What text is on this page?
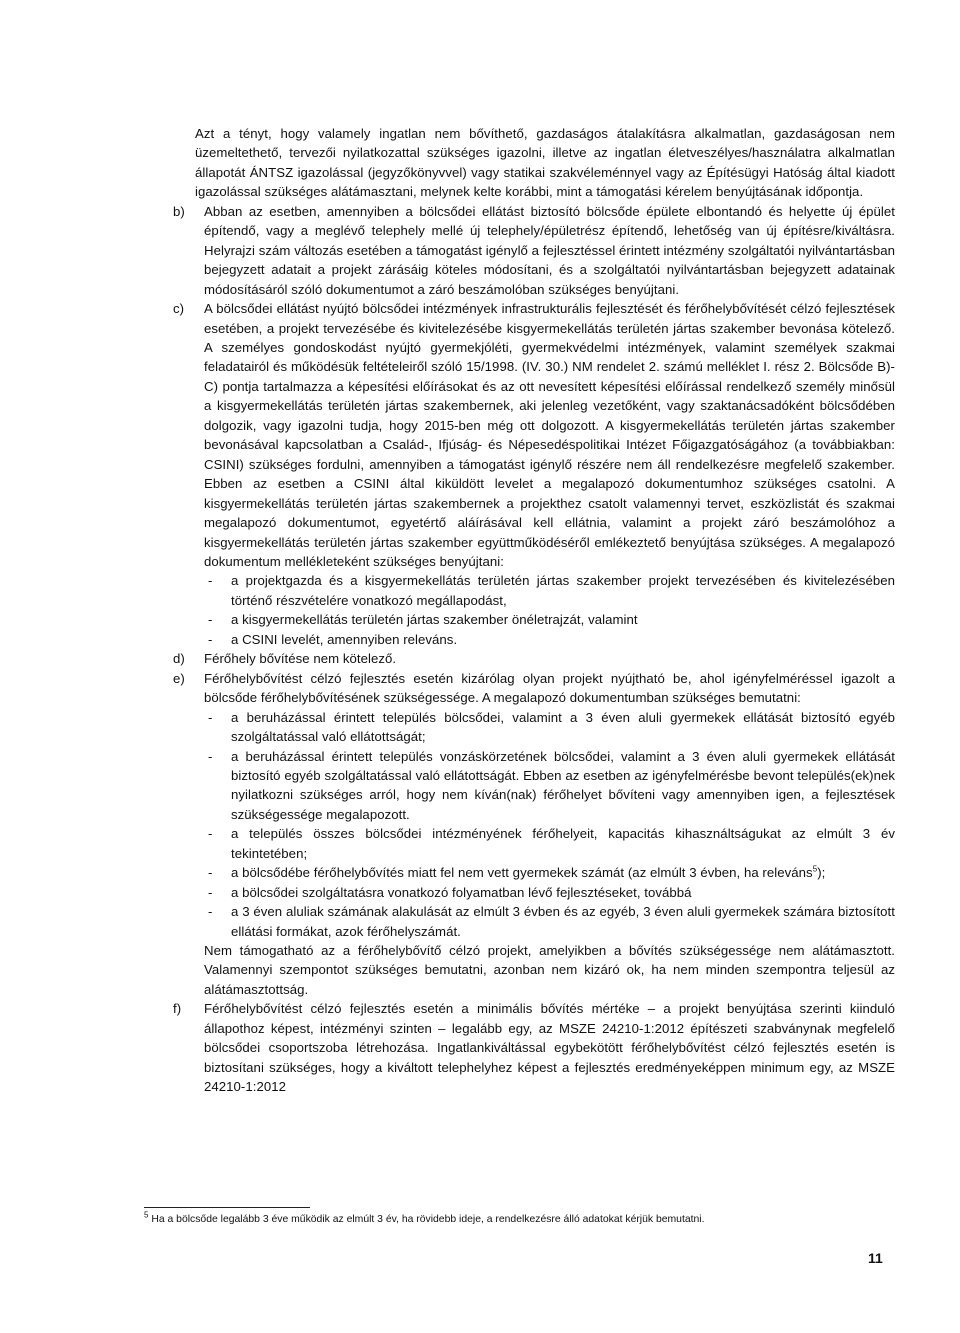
Azt a tényt, hogy valamely ingatlan nem bővíthető, gazdaságos átalakításra alkalmatlan, gazdaságosan nem üzemeltethető, tervezői nyilatkozattal szükséges igazolni, illetve az ingatlan életveszélyes/használatra alkalmatlan állapotát ÁNTSZ igazolással (jegyzőkönyvvel) vagy statikai szakvéleménnyel vagy az Építésügyi Hatóság által kiadott igazolással szükséges alátámasztani, melynek kelte korábbi, mint a támogatási kérelem benyújtásának időpontja.

b) Abban az esetben, amennyiben a bölcsődei ellátást biztosító bölcsőde épülete elbontandó és helyette új épület építendő, vagy a meglévő telephely mellé új telephely/épületrész építendő, lehetőség van új építésre/kiváltásra. Helyrajzi szám változás esetében a támogatást igénylő a fejlesztéssel érintett intézmény szolgáltatói nyilvántartásban bejegyzett adatait a projekt zárásáig köteles módosítani, és a szolgáltatói nyilvántartásban bejegyzett adatainak módosításáról szóló dokumentumot a záró beszámolóban szükséges benyújtani.

c) A bölcsődei ellátást nyújtó bölcsődei intézmények infrastrukturális fejlesztését és férőhelybővítését célzó fejlesztések esetében, a projekt tervezésébe és kivitelezésébe kisgyermekellátás területén jártas szakember bevonása kötelező. A személyes gondoskodást nyújtó gyermekjóléti, gyermekvédelmi intézmények, valamint személyek szakmai feladatairól és működésük feltételeiről szóló 15/1998. (IV. 30.) NM rendelet 2. számú melléklet I. rész 2. Bölcsőde B)-C) pontja tartalmazza a képesítési előírásokat és az ott nevesített képesítési előírással rendelkező személy minősül a kisgyermekellátás területén jártas szakembernek, aki jelenleg vezetőként, vagy szaktanácsadóként bölcsődében dolgozik, vagy igazolni tudja, hogy 2015-ben még ott dolgozott. A kisgyermekellátás területén jártas szakember bevonásával kapcsolatban a Család-, Ifjúság- és Népesedéspolitikai Intézet Főigazgatóságához (a továbbiakban: CSINI) szükséges fordulni, amennyiben a támogatást igénylő részére nem áll rendelkezésre megfelelő szakember. Ebben az esetben a CSINI által kiküldött levelet a megalapozó dokumentumhoz szükséges csatolni. A kisgyermekellátás területén jártas szakembernek a projekthez csatolt valamennyi tervet, eszközlistát és szakmai megalapozó dokumentumot, egyetértő aláírásával kell ellátnia, valamint a projekt záró beszámolóhoz a kisgyermekellátás területén jártas szakember együttműködéséről emlékeztető benyújtása szükséges. A megalapozó dokumentum mellékleteként szükséges benyújtani:

- a projektgazda és a kisgyermekellátás területén jártas szakember projekt tervezésében és kivitelezésében történő részvételére vonatkozó megállapodást,
- a kisgyermekellátás területén jártas szakember önéletrajzát, valamint
- a CSINI levelét, amennyiben releváns.
d) Férőhely bővítése nem kötelező.

e) Férőhelybővítést célzó fejlesztés esetén kizárólag olyan projekt nyújtható be, ahol igényfelméréssel igazolt a bölcsőde férőhelybővítésének szükségessége. A megalapozó dokumentumban szükséges bemutatni:

- a beruházással érintett település bölcsődei, valamint a 3 éven aluli gyermekek ellátását biztosító egyéb szolgáltatással való ellátottságát;
- a beruházással érintett település vonzáskörzetének bölcsődei, valamint a 3 éven aluli gyermekek ellátását biztosító egyéb szolgáltatással való ellátottságát. Ebben az esetben az igényfelmérésbe bevont település(ek)nek nyilatkozni szükséges arról, hogy nem kíván(nak) férőhelyet bővíteni vagy amennyiben igen, a fejlesztések szükségessége megalapozott.
- a település összes bölcsődei intézményének férőhelyeit, kapacitás kihasználtságukat az elmúlt 3 év tekintetében;
- a bölcsődébe férőhelybővítés miatt fel nem vett gyermekek számát (az elmúlt 3 évben, ha releváns$^5$);
- a bölcsődei szolgáltatásra vonatkozó folyamatban lévő fejlesztéseket, továbbá
- a 3 éven aluliak számának alakulását az elmúlt 3 évben és az egyéb, 3 éven aluli gyermekek számára biztosított ellátási formákat, azok férőhelyszámát.

Nem támogatható az a férőhelybővítő célzó projekt, amelyikben a bővítés szükségessége nem alátámasztott. Valamennyi szempontot szükséges bemutatni, azonban nem kizáró ok, ha nem minden szempontra teljesül az alátámasztottság.

f) Férőhelybővítést célzó fejlesztés esetén a minimális bővítés mértéke – a projekt benyújtása szerinti kiinduló állapothoz képest, intézményi szinten – legalább egy, az MSZE 24210-1:2012 építészeti szabványnak megfelelő bölcsődei csoportszoba létrehozása. Ingatlankiváltással egybekötött férőhelybővítést célzó fejlesztés esetén is biztosítani szükséges, hogy a kiváltott telephelyhez képest a fejlesztés eredményeképpen minimum egy, az MSZE 24210-1:2012

$^5$ Ha a bölcsőde legalább 3 éve működik az elmúlt 3 év, ha rövidebb ideje, a rendelkezésre álló adatokat kérjük bemutatni.
11
